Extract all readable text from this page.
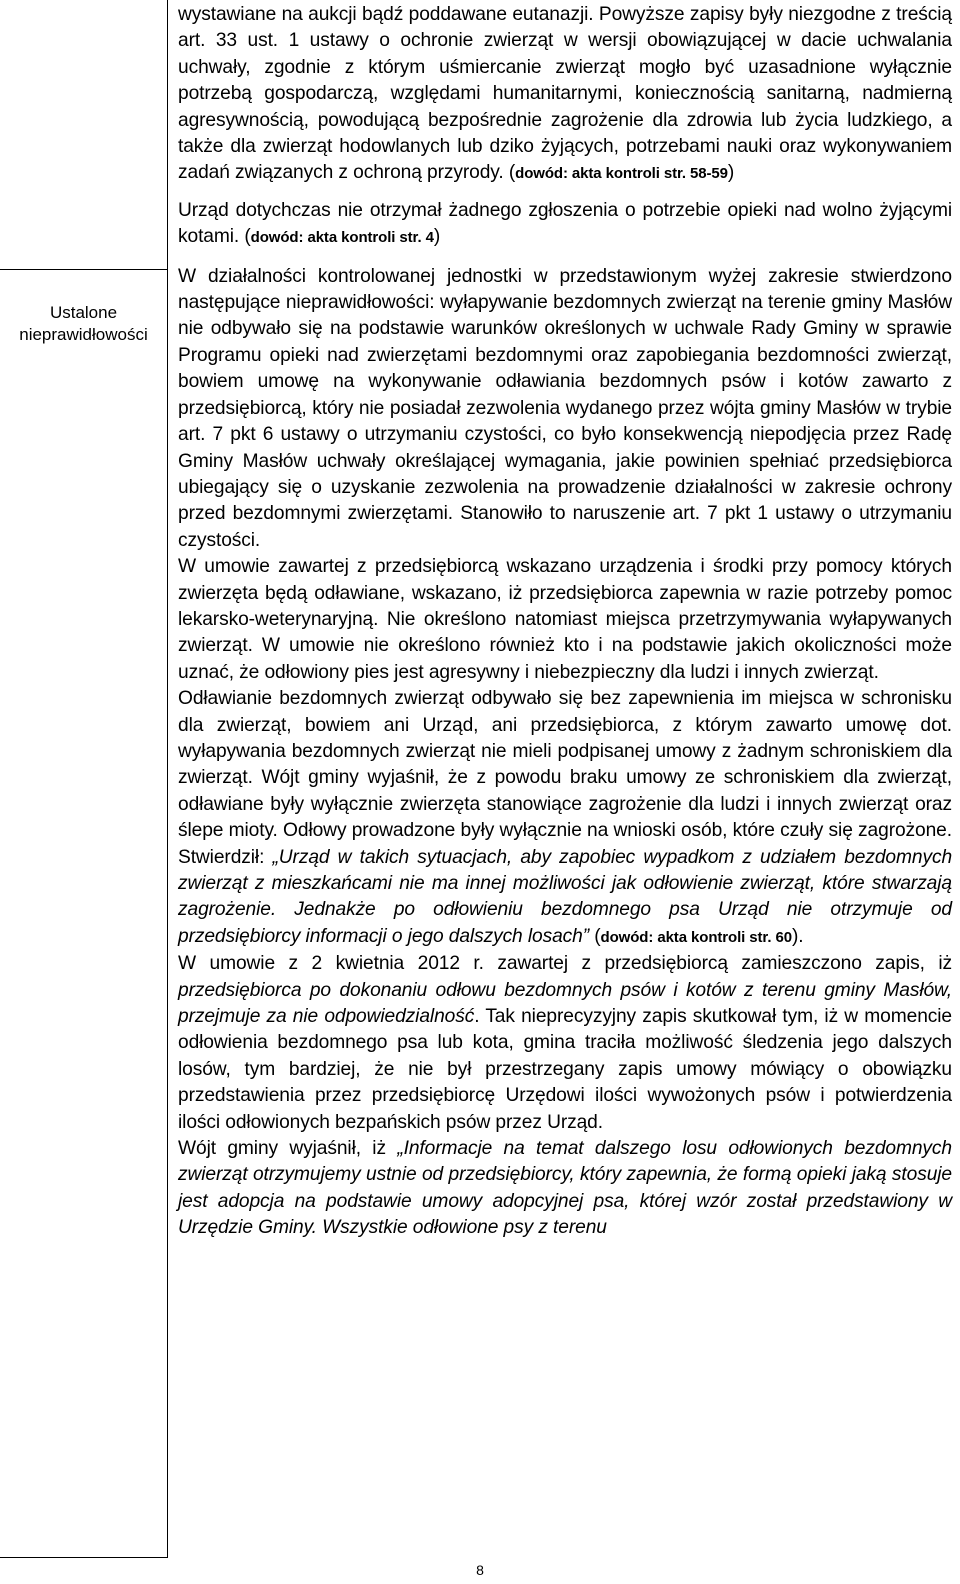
Ustalone
nieprawidłowości

wystawiane na aukcji bądź poddawane eutanazji. Powyższe zapisy były niezgodne z treścią art. 33 ust. 1 ustawy o ochronie zwierząt w wersji obowiązującej w dacie uchwalania uchwały, zgodnie z którym uśmiercanie zwierząt mogło być uzasadnione wyłącznie potrzebą gospodarczą, względami humanitarnymi, koniecznością sanitarną, nadmierną agresywnością, powodującą bezpośrednie zagrożenie dla zdrowia lub życia ludzkiego, a także dla zwierząt hodowlanych lub dziko żyjących, potrzebami nauki oraz wykonywaniem zadań związanych z ochroną przyrody. (dowód: akta kontroli str. 58-59)

Urząd dotychczas nie otrzymał żadnego zgłoszenia o potrzebie opieki nad wolno żyjącymi kotami. (dowód: akta kontroli str. 4)

W działalności kontrolowanej jednostki w przedstawionym wyżej zakresie stwierdzono następujące nieprawidłowości: wyłapywanie bezdomnych zwierząt na terenie gminy Masłów nie odbywało się na podstawie warunków określonych w uchwale Rady Gminy w sprawie Programu opieki nad zwierzętami bezdomnymi oraz zapobiegania bezdomności zwierząt, bowiem umowę na wykonywanie odławiania bezdomnych psów i kotów zawarto z przedsiębiorcą, który nie posiadał zezwolenia wydanego przez wójta gminy Masłów w trybie art. 7 pkt 6 ustawy o utrzymaniu czystości, co było konsekwencją niepodjęcia przez Radę Gminy Masłów uchwały określającej wymagania, jakie powinien spełniać przedsiębiorca ubiegający się o uzyskanie zezwolenia na prowadzenie działalności w zakresie ochrony przed bezdomnymi zwierzętami. Stanowiło to naruszenie art. 7 pkt 1 ustawy o utrzymaniu czystości.

W umowie zawartej z przedsiębiorcą wskazano urządzenia i środki przy pomocy których zwierzęta będą odławiane, wskazano, iż przedsiębiorca zapewnia w razie potrzeby pomoc lekarsko-weterynaryjną. Nie określono natomiast miejsca przetrzymywania wyłapywanych zwierząt. W umowie nie określono również kto i na podstawie jakich okoliczności może uznać, że odłowiony pies jest agresywny i niebezpieczny dla ludzi i innych zwierząt.

Odławianie bezdomnych zwierząt odbywało się bez zapewnienia im miejsca w schronisku dla zwierząt, bowiem ani Urząd, ani przedsiębiorca, z którym zawarto umowę dot. wyłapywania bezdomnych zwierząt nie mieli podpisanej umowy z żadnym schroniskiem dla zwierząt. Wójt gminy wyjaśnił, że z powodu braku umowy ze schroniskiem dla zwierząt, odławiane były wyłącznie zwierzęta stanowiące zagrożenie dla ludzi i innych zwierząt oraz ślepe mioty. Odłowy prowadzone były wyłącznie na wnioski osób, które czuły się zagrożone. Stwierdził: „Urząd w takich sytuacjach, aby zapobiec wypadkom z udziałem bezdomnych zwierząt z mieszkańcami nie ma innej możliwości jak odłowienie zwierząt, które stwarzają zagrożenie. Jednakże po odłowieniu bezdomnego psa Urząd nie otrzymuje od przedsiębiorcy informacji o jego dalszych losach” (dowód: akta kontroli str. 60).

W umowie z 2 kwietnia 2012 r. zawartej z przedsiębiorcą zamieszczono zapis, iż przedsiębiorca po dokonaniu odłowu bezdomnych psów i kotów z terenu gminy Masłów, przejmuje za nie odpowiedzialność. Tak nieprecyzyjny zapis skutkował tym, iż w momencie odłowienia bezdomnego psa lub kota, gmina traciła możliwość śledzenia jego dalszych losów, tym bardziej, że nie był przestrzegany zapis umowy mówiący o obowiązku przedstawienia przez przedsiębiorcę Urzędowi ilości wywożonych psów i potwierdzenia ilości odłowionych bezpańskich psów przez Urząd.

Wójt gminy wyjaśnił, iż „Informacje na temat dalszego losu odłowionych bezdomnych zwierząt otrzymujemy ustnie od przedsiębiorcy, który zapewnia, że formą opieki jaką stosuje jest adopcja na podstawie umowy adopcyjnej psa, której wzór został przedstawiony w Urzędzie Gminy. Wszystkie odłowione psy z terenu

8
